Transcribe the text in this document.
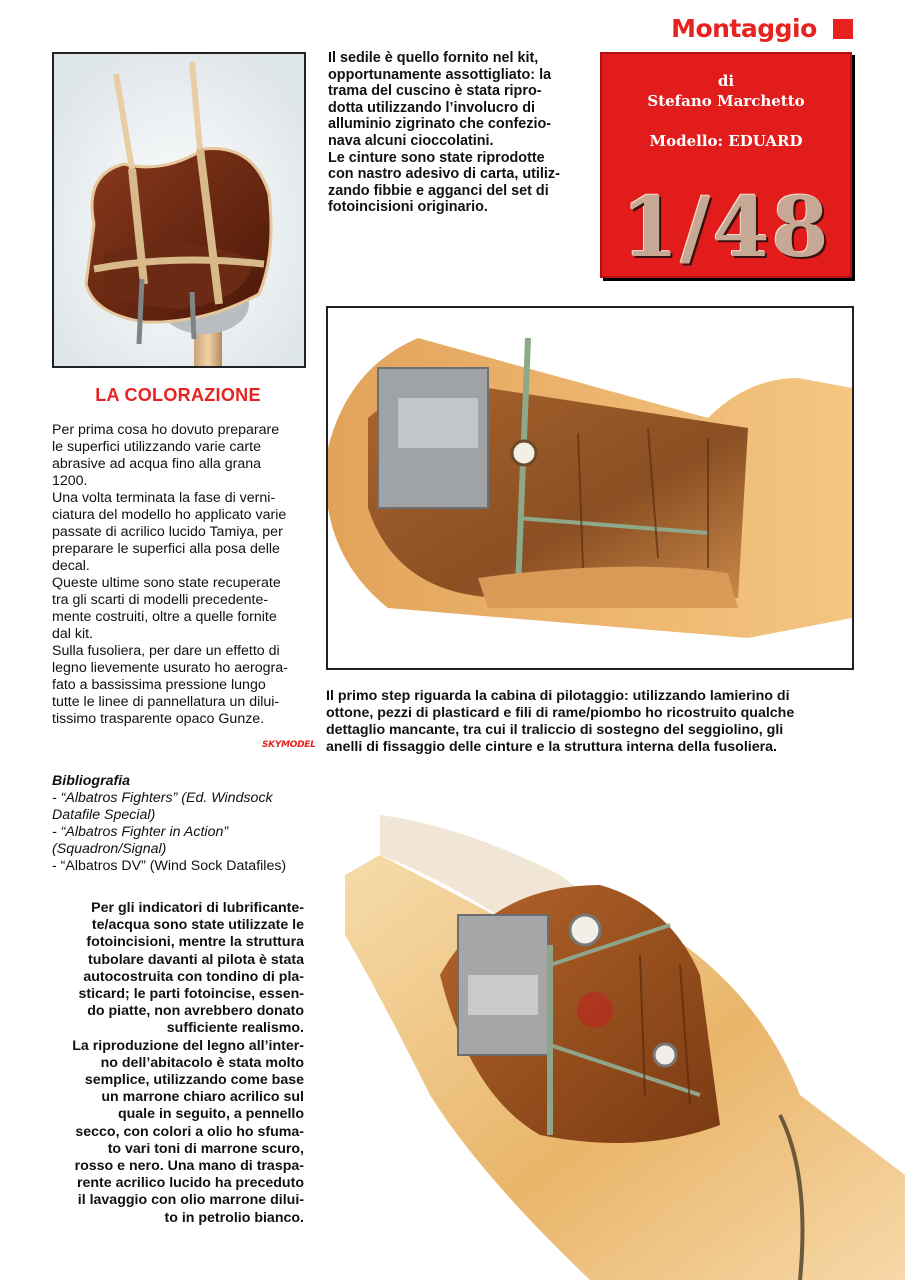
Montaggio

Il sedile è quello fornito nel kit,

opportunamente assottigliato: la

trama del cuscino è stata ripro-

dotta utilizzando l’involucro di

alluminio zigrinato che confezio-

nava alcuni cioccolatini.

Le cinture sono state riprodotte

con nastro adesivo di carta, utiliz-

zando fibbie e agganci del set di

fotoincisioni originario.

di
Stefano Marchetto
Modello: EDUARD
1/48
LA COLORAZIONE

Per prima cosa ho dovuto preparare

le superfici utilizzando varie carte

abrasive ad acqua fino alla grana

1200.

Una volta terminata la fase di verni-

ciatura del modello ho applicato varie

passate di acrilico lucido Tamiya, per

preparare le superfici alla posa delle

decal.

Queste ultime sono state recuperate

tra gli scarti di modelli precedente-

mente costruiti, oltre a quelle fornite

dal kit.

Sulla fusoliera, per dare un effetto di

legno lievemente usurato ho aerogra-

fato a bassissima pressione lungo

tutte le linee di pannellatura un dilui-

tissimo trasparente opaco Gunze.

SKYMODEL
Il primo step riguarda la cabina di pilotaggio: utilizzando lamierino di
ottone, pezzi di plasticard e fili di rame/piombo ho ricostruito qualche
dettaglio mancante, tra cui il traliccio di sostegno del seggiolino, gli
anelli di fissaggio delle cinture e la struttura interna della fusoliera.

Bibliografia

- “Albatros Fighters” (Ed. Windsock

Datafile Special)

- “Albatros Fighter in Action”

(Squadron/Signal)

- “Albatros DV” (Wind Sock Datafiles)

Per gli indicatori di lubrificante-

te/acqua sono state utilizzate le

fotoincisioni, mentre la struttura

tubolare davanti al pilota è stata

autocostruita con tondino di pla-

sticard; le parti fotoincise, essen-

do piatte, non avrebbero donato

sufficiente realismo.

La riproduzione del legno all’inter-

no dell’abitacolo è stata molto

semplice, utilizzando come base

un marrone chiaro acrilico sul

quale in seguito, a pennello

secco, con colori a olio ho sfuma-

to vari toni di marrone scuro,

rosso e nero. Una mano di traspa-

rente acrilico lucido ha preceduto

il lavaggio con olio marrone dilui-

to in petrolio bianco.
